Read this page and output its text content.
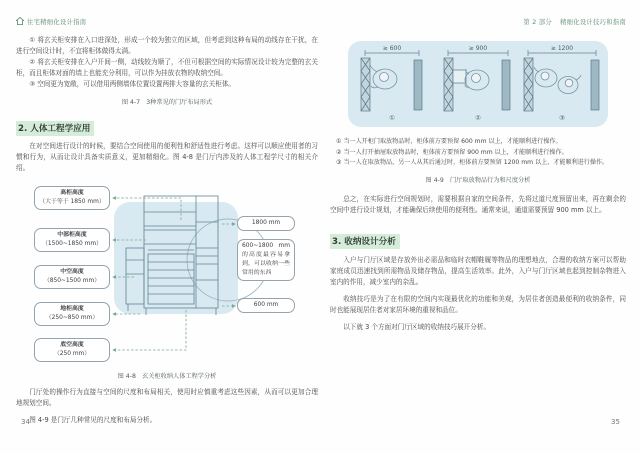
住宅精细化设计指南

① 将玄关柜安排在入口进深处，形成一个较为独立的区域，但考虑到这种布局的动线存在干扰，在进行空间设计时，不宜将柜体做得太满。

② 将玄关柜安排在入户开间一侧，动线较为顺了，不但可根据空间的实际情况设计较为完整的玄关柜，而且柜体对面的墙上也能充分利用，可以作为挂放衣物的收纳空间。

③ 空间更为宽敞，可以借用两侧墙体位置设置两排大容量的玄关柜体。

图 4-7　3种常见的门厅布局形式
2. 人体工程学应用

在对空间进行设计的时候，要结合空间使用的便利性和舒适性进行考虑。这样可以顺应使用者的习惯和行为，从而让设计具备实质意义，更加精细化。图 4-8 是门厅内涉及的人体工程学尺寸的相关介绍。

高柜高度
（大于等于 1850 mm）
中部柜高度
（1500~1850 mm）
中空高度
（850~1500 mm）
地柜高度
（250~850 mm）
底空高度
（250 mm）
1800 mm
600~1800 mm 的高度最容易拿到，可以收纳一些常用的东西
600 mm
图 4-8　玄关柜收纳人体工程学分析

门厅处的操作行为直接与空间的尺度和布局相关，使用时应慎重考虑这些因素，从而可以更加合理地规划空间。

图 4-9 是门厅几种常见的尺度和布局分析。

第 2 部分 精细化设计技巧和指南
≥ 600
①
≥ 900
②
≥ 1200
③

① 当一人开柜门取放物品时，柜体前方要预留 600 mm 以上，才能顺利进行操作。

② 当一人打开抽屉取放物品时，柜体前方要预留 900 mm 以上，才能顺利进行操作。

③ 当一人在取放物品，另一人从其后通过时，柜体前方要预留 1200 mm 以上，才能顺利进行操作。

图 4-9　门厅取放物品行为和尺度分析

总之，在实际进行空间规划时，需要根据自家的空间条件，先将过道尺度预留出来，再在剩余的空间中进行设计规划，才能确保后续使用的便利性。通常来说，通道需要预留 900 mm 以上。

3. 收纳设计分析

入户与门厅区域是存放外出必需品和临时衣帽鞋履等物品的理想地点，合理的收纳方案可以帮助家庭成员迅速找到所需物品及储存物品，提高生活效率。此外，入户与门厅区域也起到控制杂物进入室内的作用，减少室内的杂乱。

收纳技巧是为了在有限的空间内实现最优化的功能和美观，为居住者创造最便利的收纳条件，同时也能展现居住者对家居环境的重视和品位。

以下就 3 个方面对门厅区域的收纳技巧展开分析。

34	35
